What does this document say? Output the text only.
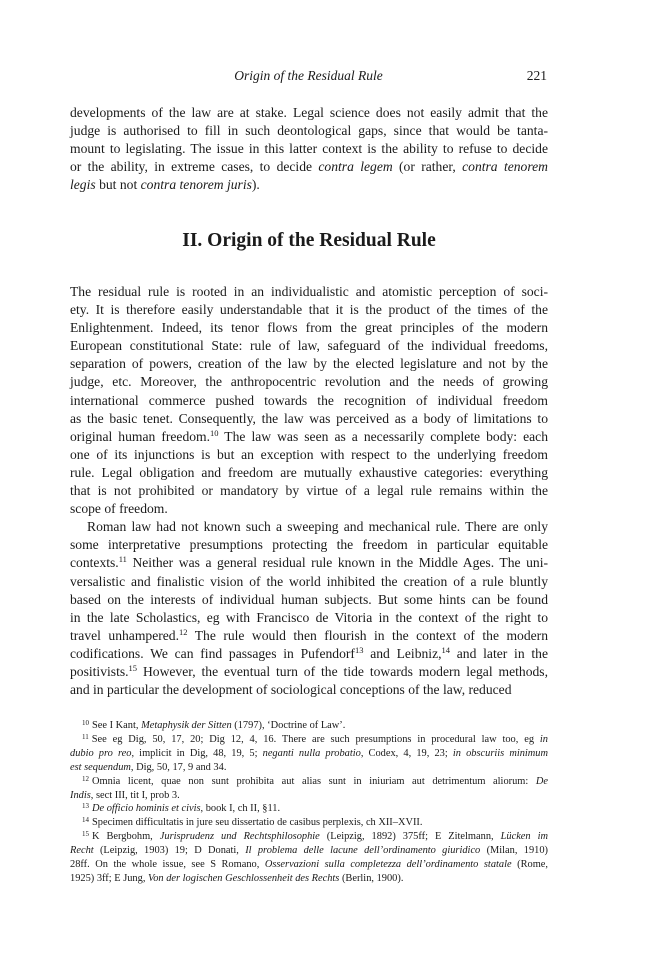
Origin of the Residual Rule	221
developments of the law are at stake. Legal science does not easily admit that the
judge is authorised to fill in such deontological gaps, since that would be tanta-
mount to legislating. The issue in this latter context is the ability to refuse to decide
or the ability, in extreme cases, to decide contra legem (or rather, contra tenorem
legis but not contra tenorem juris).
II. Origin of the Residual Rule
The residual rule is rooted in an individualistic and atomistic perception of soci-
ety. It is therefore easily understandable that it is the product of the times of the
Enlightenment. Indeed, its tenor flows from the great principles of the modern
European constitutional State: rule of law, safeguard of the individual freedoms,
separation of powers, creation of the law by the elected legislature and not by the
judge, etc. Moreover, the anthropocentric revolution and the needs of growing
international commerce pushed towards the recognition of individual freedom
as the basic tenet. Consequently, the law was perceived as a body of limitations to
original human freedom.$^{10}$ The law was seen as a necessarily complete body: each
one of its injunctions is but an exception with respect to the underlying freedom
rule. Legal obligation and freedom are mutually exhaustive categories: everything
that is not prohibited or mandatory by virtue of a legal rule remains within the
scope of freedom.
Roman law had not known such a sweeping and mechanical rule. There are only
some interpretative presumptions protecting the freedom in particular equitable
contexts.$^{11}$ Neither was a general residual rule known in the Middle Ages. The uni-
versalistic and finalistic vision of the world inhibited the creation of a rule bluntly
based on the interests of individual human subjects. But some hints can be found
in the late Scholastics, eg with Francisco de Vitoria in the context of the right to
travel unhampered.$^{12}$ The rule would then flourish in the context of the modern
codifications. We can find passages in Pufendorf$^{13}$ and Leibniz,$^{14}$ and later in the
positivists.$^{15}$ However, the eventual turn of the tide towards modern legal methods,
and in particular the development of sociological conceptions of the law, reduced
$^{10}$ See I Kant, Metaphysik der Sitten (1797), ‘Doctrine of Law’.
$^{11}$ See eg Dig, 50, 17, 20; Dig 12, 4, 16. There are such presumptions in procedural law too, eg in
dubio pro reo, implicit in Dig, 48, 19, 5; neganti nulla probatio, Codex, 4, 19, 23; in obscuriis minimum
est sequendum, Dig, 50, 17, 9 and 34.
$^{12}$ Omnia licent, quae non sunt prohibita aut alias sunt in iniuriam aut detrimentum aliorum: De
Indis, sect III, tit I, prob 3.
$^{13}$ De officio hominis et civis, book I, ch II, §11.
$^{14}$ Specimen difficultatis in jure seu dissertatio de casibus perplexis, ch XII–XVII.
$^{15}$ K Bergbohm, Jurisprudenz und Rechtsphilosophie (Leipzig, 1892) 375ff; E Zitelmann, Lücken im
Recht (Leipzig, 1903) 19; D Donati, Il problema delle lacune dell’ordinamento giuridico (Milan, 1910)
28ff. On the whole issue, see S Romano, Osservazioni sulla completezza dell’ordinamento statale (Rome,
1925) 3ff; E Jung, Von der logischen Geschlossenheit des Rechts (Berlin, 1900).
